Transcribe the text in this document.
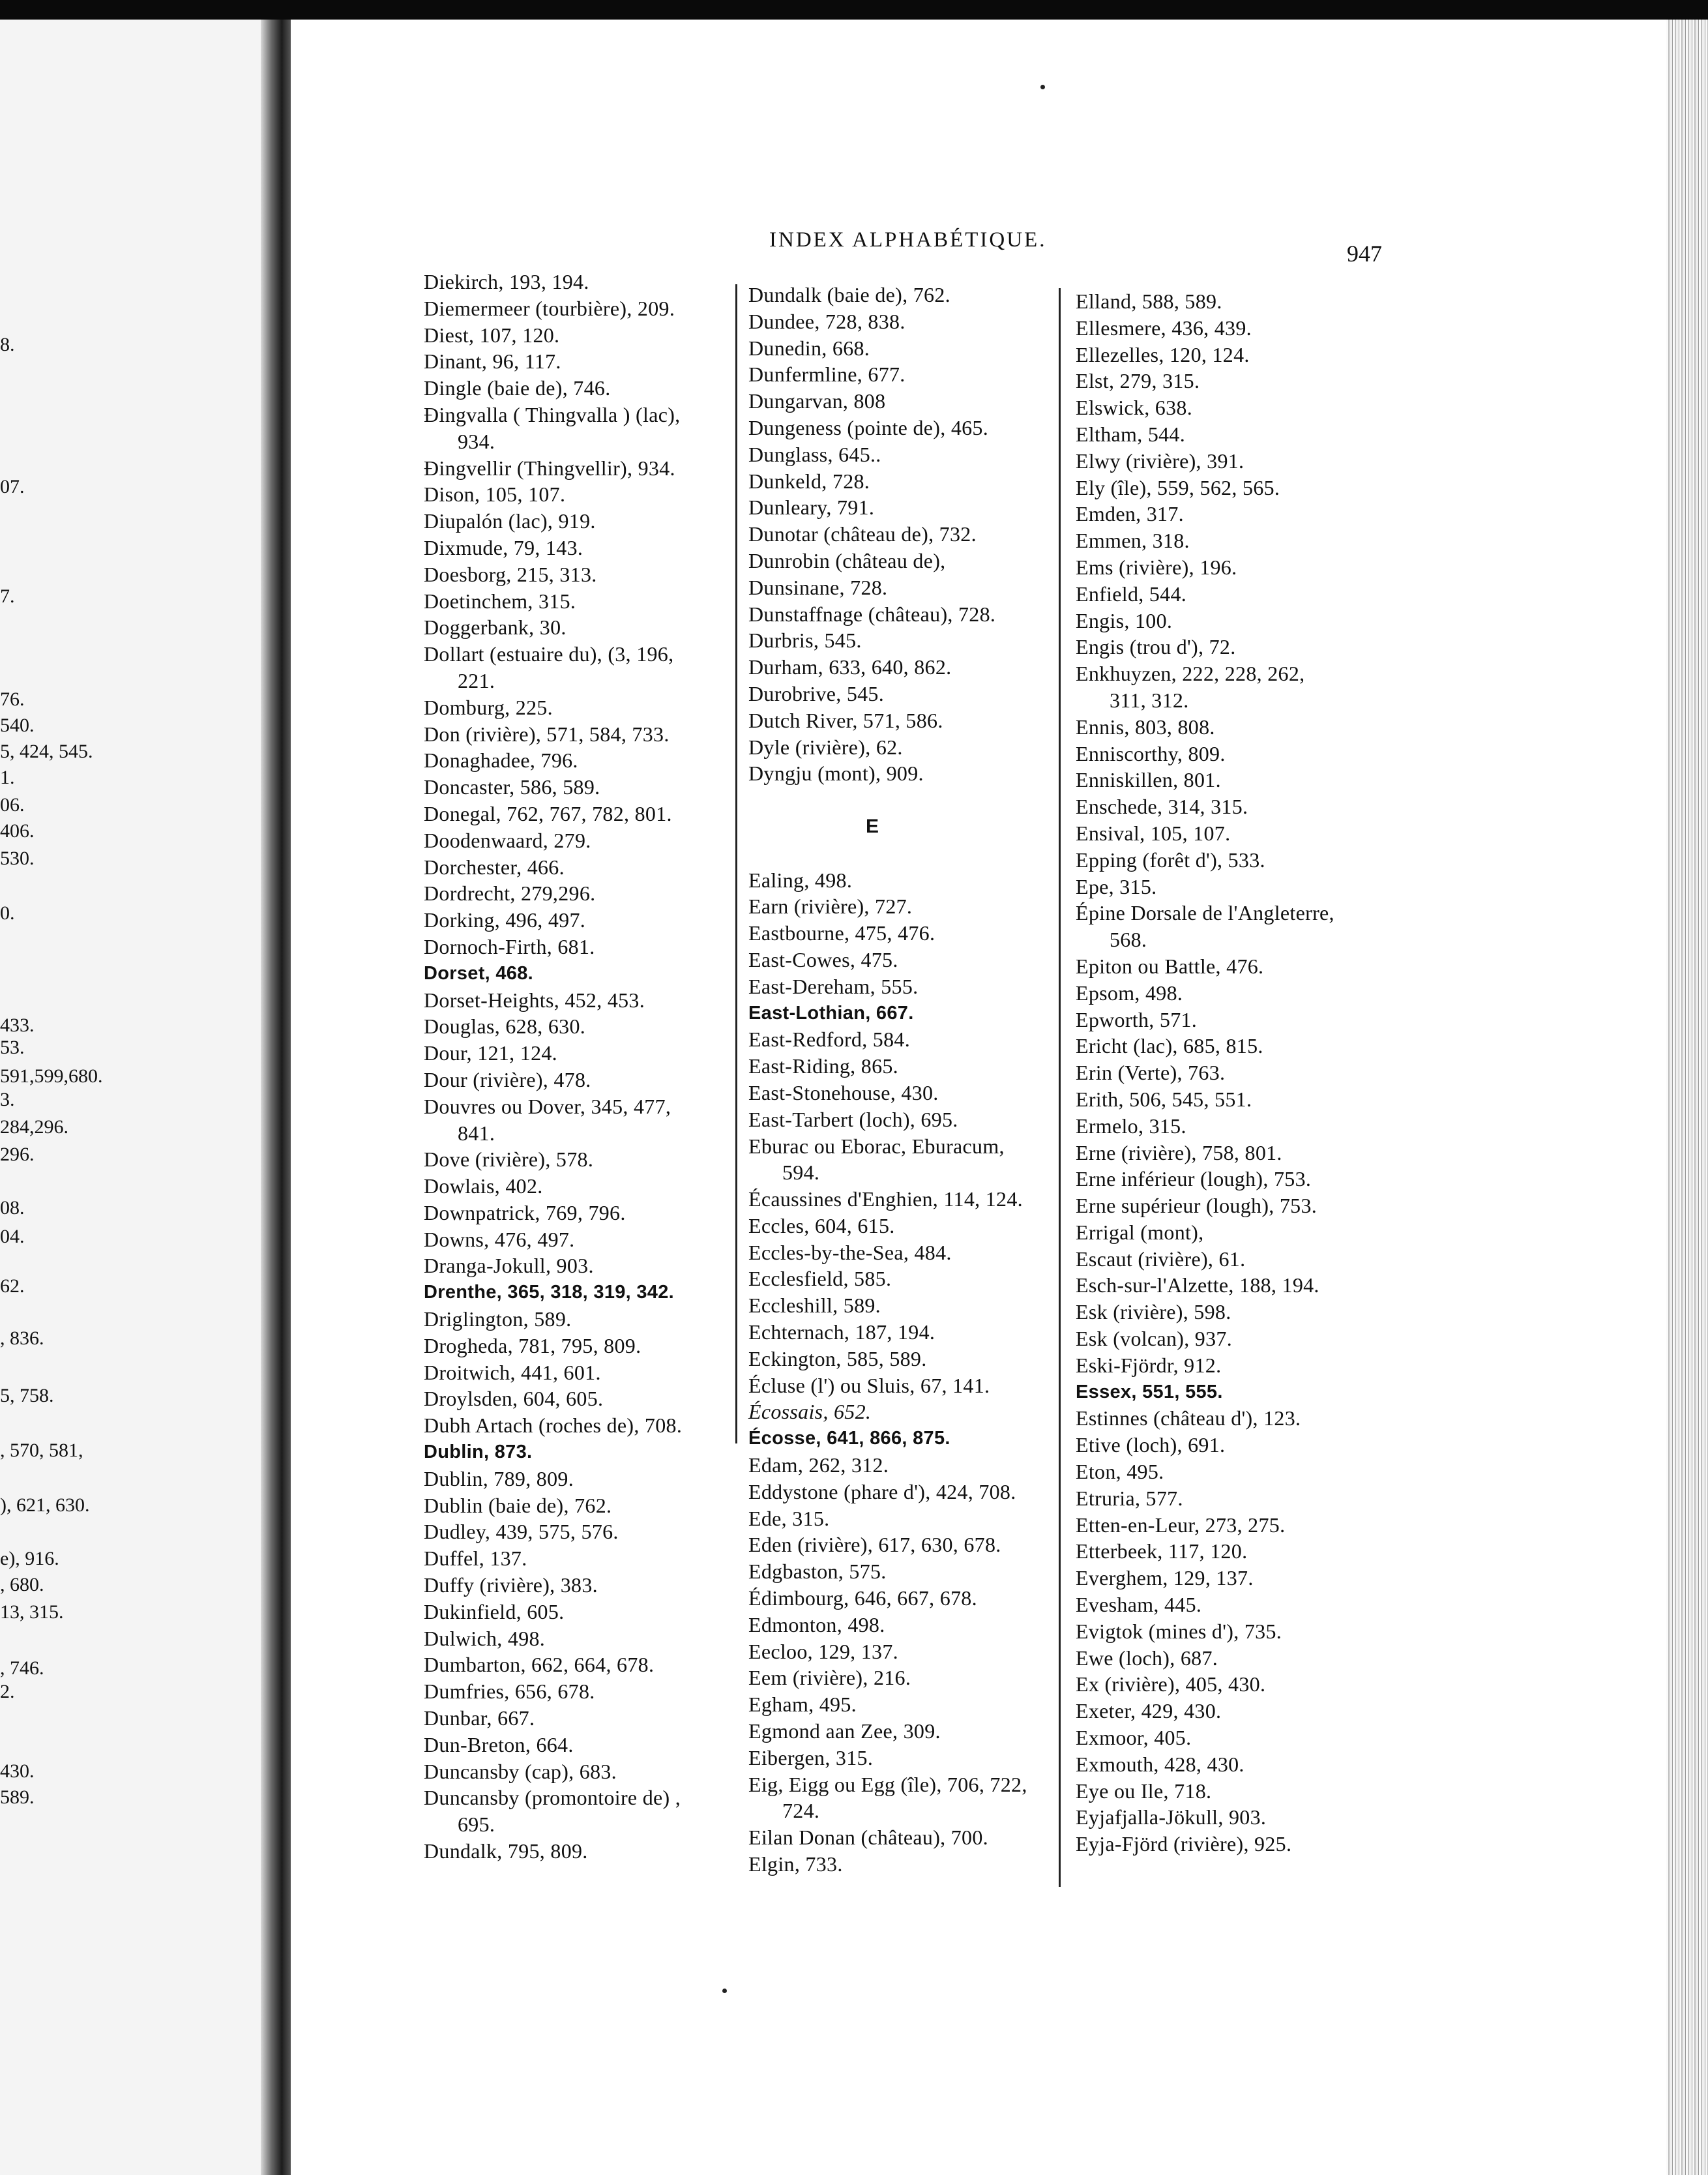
8.
07.
7.
76.
540.
5, 424, 545.
1.
06.
406.
530.
0.
433.
53.
591,599,680.
3.
284,296.
296.
08.
04.
62.
, 836.
5, 758.
, 570, 581,
), 621, 630.
e), 916.
, 680.
13, 315.
, 746.
2.
430.
589.
INDEX ALPHABÉTIQUE.
947
Diekirch, 193, 194.
Diemermeer (tourbière), 209.
Diest, 107, 120.
Dinant, 96, 117.
Dingle (baie de), 746.
Ðingvalla ( Thingvalla ) (lac),
934.
Ðingvellir (Thingvellir), 934.
Dison, 105, 107.
Diupalón (lac), 919.
Dixmude, 79, 143.
Doesborg, 215, 313.
Doetinchem, 315.
Doggerbank, 30.
Dollart (estuaire du), (3, 196,
221.
Domburg, 225.
Don (rivière), 571, 584, 733.
Donaghadee, 796.
Doncaster, 586, 589.
Donegal, 762, 767, 782, 801.
Doodenwaard, 279.
Dorchester, 466.
Dordrecht, 279,296.
Dorking, 496, 497.
Dornoch-Firth, 681.
Dorset, 468.
Dorset-Heights, 452, 453.
Douglas, 628, 630.
Dour, 121, 124.
Dour (rivière), 478.
Douvres ou Dover, 345, 477,
841.
Dove (rivière), 578.
Dowlais, 402.
Downpatrick, 769, 796.
Downs, 476, 497.
Dranga-Jokull, 903.
Drenthe, 365, 318, 319, 342.
Driglington, 589.
Drogheda, 781, 795, 809.
Droitwich, 441, 601.
Droylsden, 604, 605.
Dubh Artach (roches de), 708.
Dublin, 873.
Dublin, 789, 809.
Dublin (baie de), 762.
Dudley, 439, 575, 576.
Duffel, 137.
Duffy (rivière), 383.
Dukinfield, 605.
Dulwich, 498.
Dumbarton, 662, 664, 678.
Dumfries, 656, 678.
Dunbar, 667.
Dun-Breton, 664.
Duncansby (cap), 683.
Duncansby (promontoire de) ,
695.
Dundalk, 795, 809.
Dundalk (baie de), 762.
Dundee, 728, 838.
Dunedin, 668.
Dunfermline, 677.
Dungarvan, 808
Dungeness (pointe de), 465.
Dunglass, 645..
Dunkeld, 728.
Dunleary, 791.
Dunotar (château de), 732.
Dunrobin (château de),
Dunsinane, 728.
Dunstaffnage (château), 728.
Durbris, 545.
Durham, 633, 640, 862.
Durobrive, 545.
Dutch River, 571, 586.
Dyle (rivière), 62.
Dyngju (mont), 909.
E
Ealing, 498.
Earn (rivière), 727.
Eastbourne, 475, 476.
East-Cowes, 475.
East-Dereham, 555.
East-Lothian, 667.
East-Redford, 584.
East-Riding, 865.
East-Stonehouse, 430.
East-Tarbert (loch), 695.
Eburac ou Eborac, Eburacum,
594.
Écaussines d'Enghien, 114, 124.
Eccles, 604, 615.
Eccles-by-the-Sea, 484.
Ecclesfield, 585.
Eccleshill, 589.
Echternach, 187, 194.
Eckington, 585, 589.
Écluse (l') ou Sluis, 67, 141.
Écossais, 652.
Écosse, 641, 866, 875.
Edam, 262, 312.
Eddystone (phare d'), 424, 708.
Ede, 315.
Eden (rivière), 617, 630, 678.
Edgbaston, 575.
Édimbourg, 646, 667, 678.
Edmonton, 498.
Eecloo, 129, 137.
Eem (rivière), 216.
Egham, 495.
Egmond aan Zee, 309.
Eibergen, 315.
Eig, Eigg ou Egg (île), 706, 722,
724.
Eilan Donan (château), 700.
Elgin, 733.
Elland, 588, 589.
Ellesmere, 436, 439.
Ellezelles, 120, 124.
Elst, 279, 315.
Elswick, 638.
Eltham, 544.
Elwy (rivière), 391.
Ely (île), 559, 562, 565.
Emden, 317.
Emmen, 318.
Ems (rivière), 196.
Enfield, 544.
Engis, 100.
Engis (trou d'), 72.
Enkhuyzen, 222, 228, 262,
311, 312.
Ennis, 803, 808.
Enniscorthy, 809.
Enniskillen, 801.
Enschede, 314, 315.
Ensival, 105, 107.
Epping (forêt d'), 533.
Epe, 315.
Épine Dorsale de l'Angleterre,
568.
Epiton ou Battle, 476.
Epsom, 498.
Epworth, 571.
Ericht (lac), 685, 815.
Erin (Verte), 763.
Erith, 506, 545, 551.
Ermelo, 315.
Erne (rivière), 758, 801.
Erne inférieur (lough), 753.
Erne supérieur (lough), 753.
Errigal (mont),
Escaut (rivière), 61.
Esch-sur-l'Alzette, 188, 194.
Esk (rivière), 598.
Esk (volcan), 937.
Eski-Fjördr, 912.
Essex, 551, 555.
Estinnes (château d'), 123.
Etive (loch), 691.
Eton, 495.
Etruria, 577.
Etten-en-Leur, 273, 275.
Etterbeek, 117, 120.
Everghem, 129, 137.
Evesham, 445.
Evigtok (mines d'), 735.
Ewe (loch), 687.
Ex (rivière), 405, 430.
Exeter, 429, 430.
Exmoor, 405.
Exmouth, 428, 430.
Eye ou Ile, 718.
Eyjafjalla-Jökull, 903.
Eyja-Fjörd (rivière), 925.
